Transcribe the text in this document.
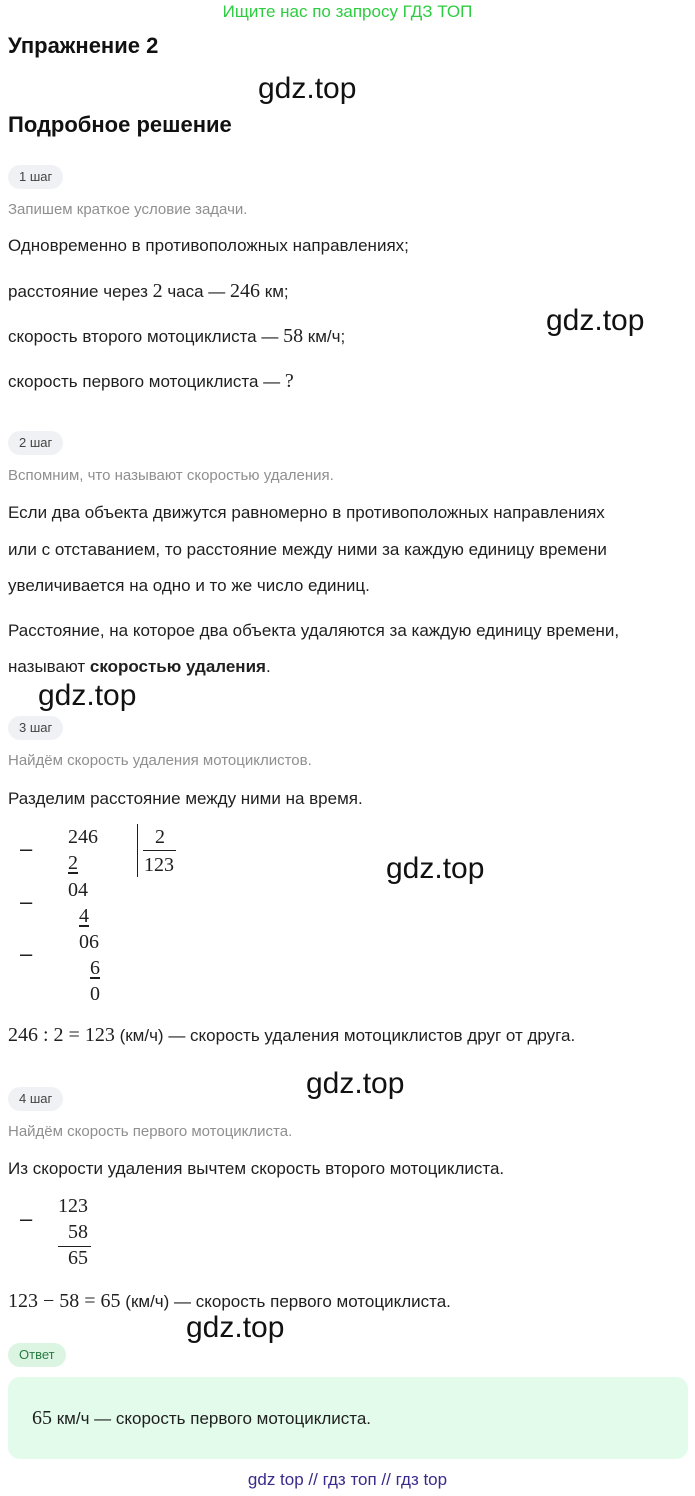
Ищите нас по запросу ГДЗ ТОП
Упражнение 2
gdz.top
Подробное решение
1 шаг
Запишем краткое условие задачи.
Одновременно в противоположных направлениях;
расстояние через 2 часа — 246 км;
gdz.top
скорость второго мотоциклиста — 58 км/ч;
скорость первого мотоциклиста — ?
2 шаг
Вспомним, что называют скоростью удаления.
Если два объекта движутся равномерно в противоположных направлениях
или с отставанием, то расстояние между ними за каждую единицу времени
увеличивается на одно и то же число единиц.
Расстояние, на которое два объекта удаляются за каждую единицу времени,
называют скоростью удаления.
gdz.top
3 шаг
Найдём скорость удаления мотоциклистов.
Разделим расстояние между ними на время.
–
–
–
246	2
123
2
04
4
06
6
0
gdz.top
246 : 2 = 123 (км/ч) — скорость удаления мотоциклистов друг от друга.
gdz.top
4 шаг
Найдём скорость первого мотоциклиста.
Из скорости удаления вычтем скорость второго мотоциклиста.
– 123
58
65
123 − 58 = 65 (км/ч) — скорость первого мотоциклиста.
gdz.top
Ответ
65 км/ч — скорость первого мотоциклиста.
gdz top // гдз топ // гдз top
